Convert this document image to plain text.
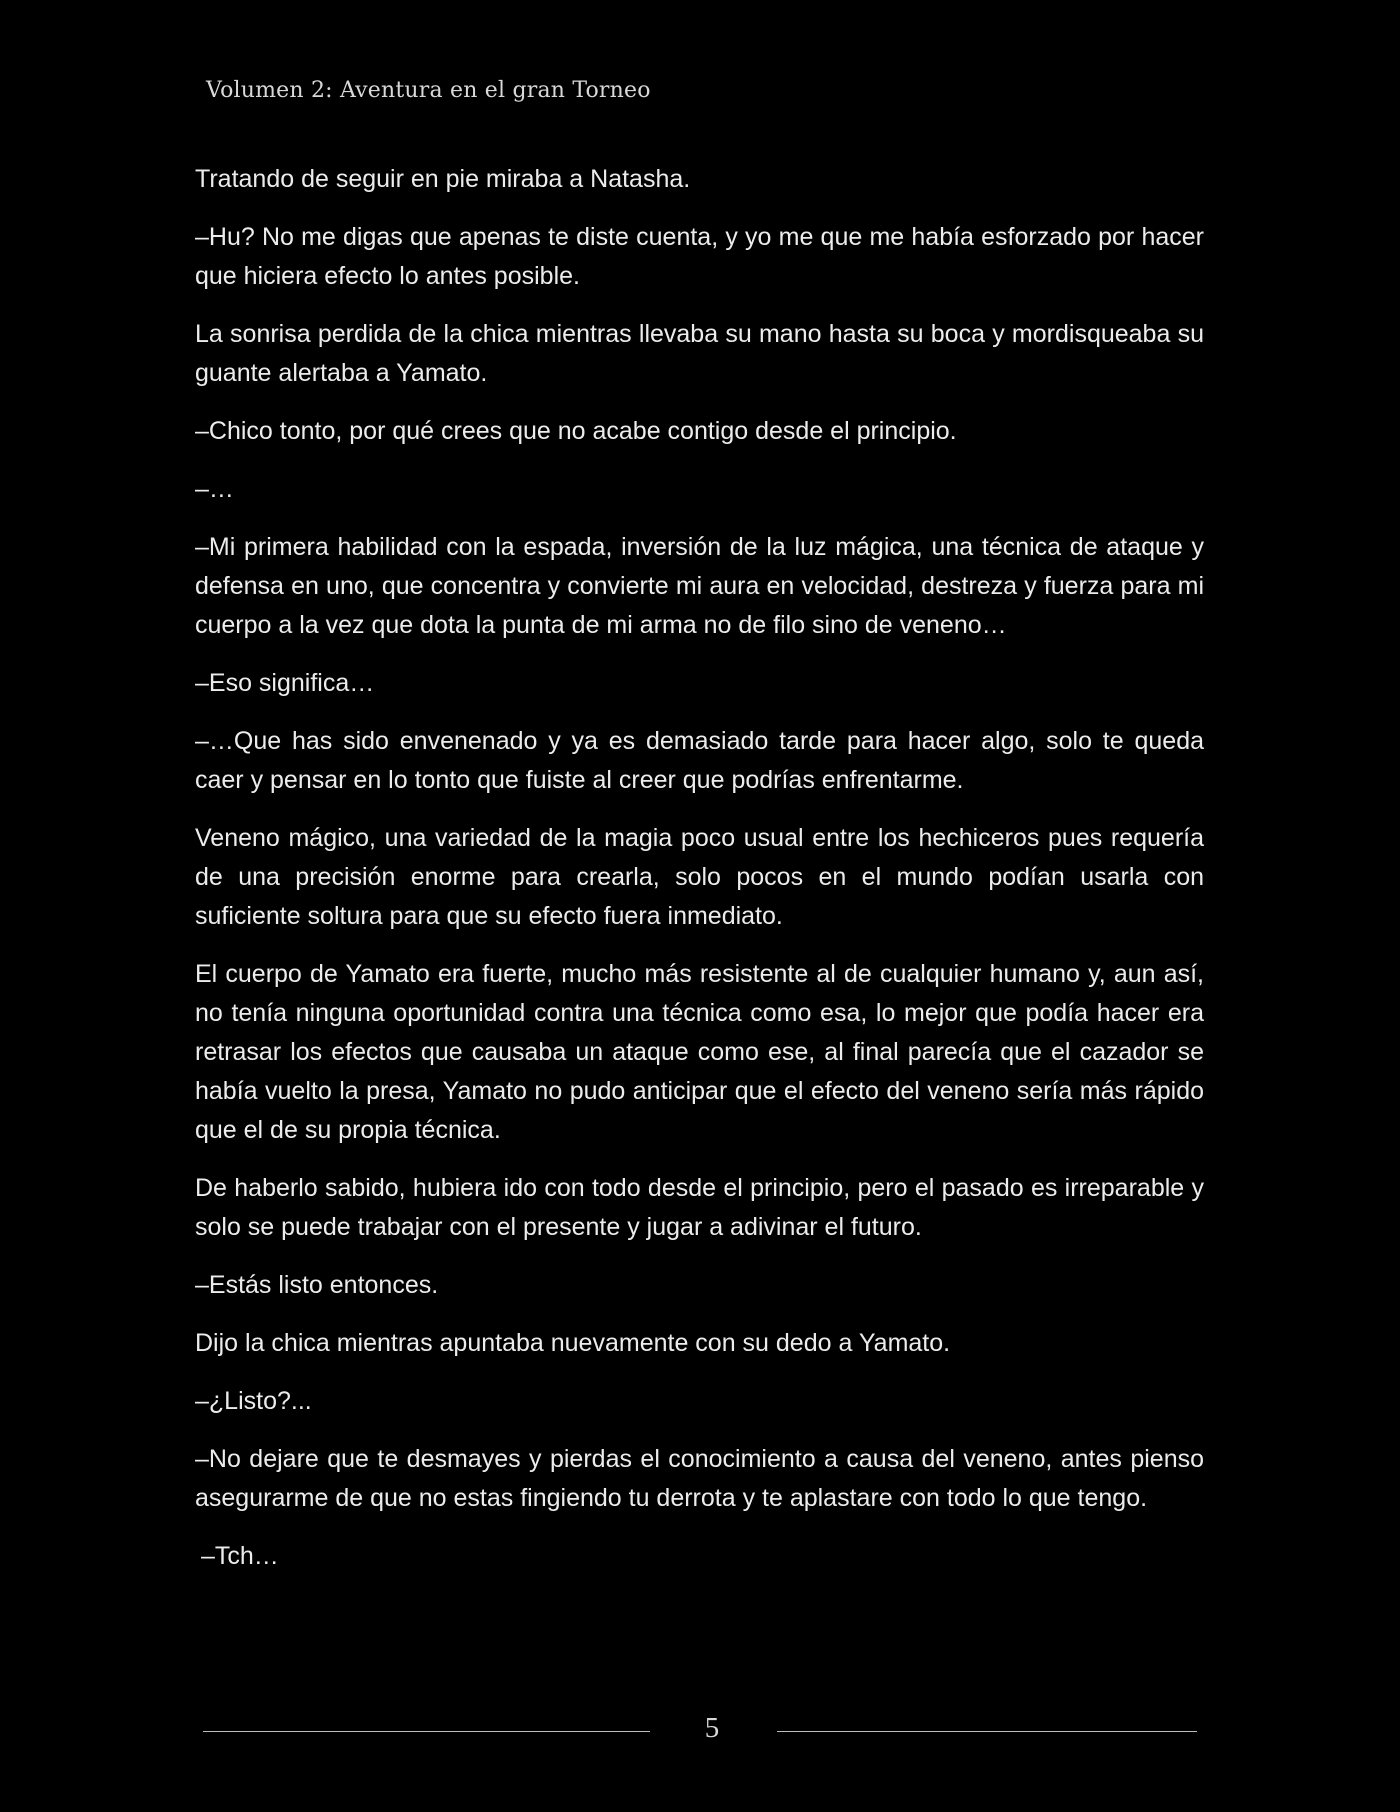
Volumen 2: Aventura en el gran Torneo

Tratando de seguir en pie miraba a Natasha.

–Hu? No me digas que apenas te diste cuenta, y yo me que me había esforzado por hacer que hiciera efecto lo antes posible.

La sonrisa perdida de la chica mientras llevaba su mano hasta su boca y mordisqueaba su guante alertaba a Yamato.

–Chico tonto, por qué crees que no acabe contigo desde el principio.

–…

–Mi primera habilidad con la espada, inversión de la luz mágica, una técnica de ataque y defensa en uno, que concentra y convierte mi aura en velocidad, destreza y fuerza para mi cuerpo a la vez que dota la punta de mi arma no de filo sino de veneno…

–Eso significa…

–…Que has sido envenenado y ya es demasiado tarde para hacer algo, solo te queda caer y pensar en lo tonto que fuiste al creer que podrías enfrentarme.

Veneno mágico, una variedad de la magia poco usual entre los hechiceros pues requería de una precisión enorme para crearla, solo pocos en el mundo podían usarla con suficiente soltura para que su efecto fuera inmediato.

El cuerpo de Yamato era fuerte, mucho más resistente al de cualquier humano y, aun así, no tenía ninguna oportunidad contra una técnica como esa, lo mejor que podía hacer era retrasar los efectos que causaba un ataque como ese, al final parecía que el cazador se había vuelto la presa, Yamato no pudo anticipar que el efecto del veneno sería más rápido que el de su propia técnica.

De haberlo sabido, hubiera ido con todo desde el principio, pero el pasado es irreparable y solo se puede trabajar con el presente y jugar a adivinar el futuro.

–Estás listo entonces.

Dijo la chica mientras apuntaba nuevamente con su dedo a Yamato.

–¿Listo?...

–No dejare que te desmayes y pierdas el conocimiento a causa del veneno, antes pienso asegurarme de que no estas fingiendo tu derrota y te aplastare con todo lo que tengo.

–Tch…

5
